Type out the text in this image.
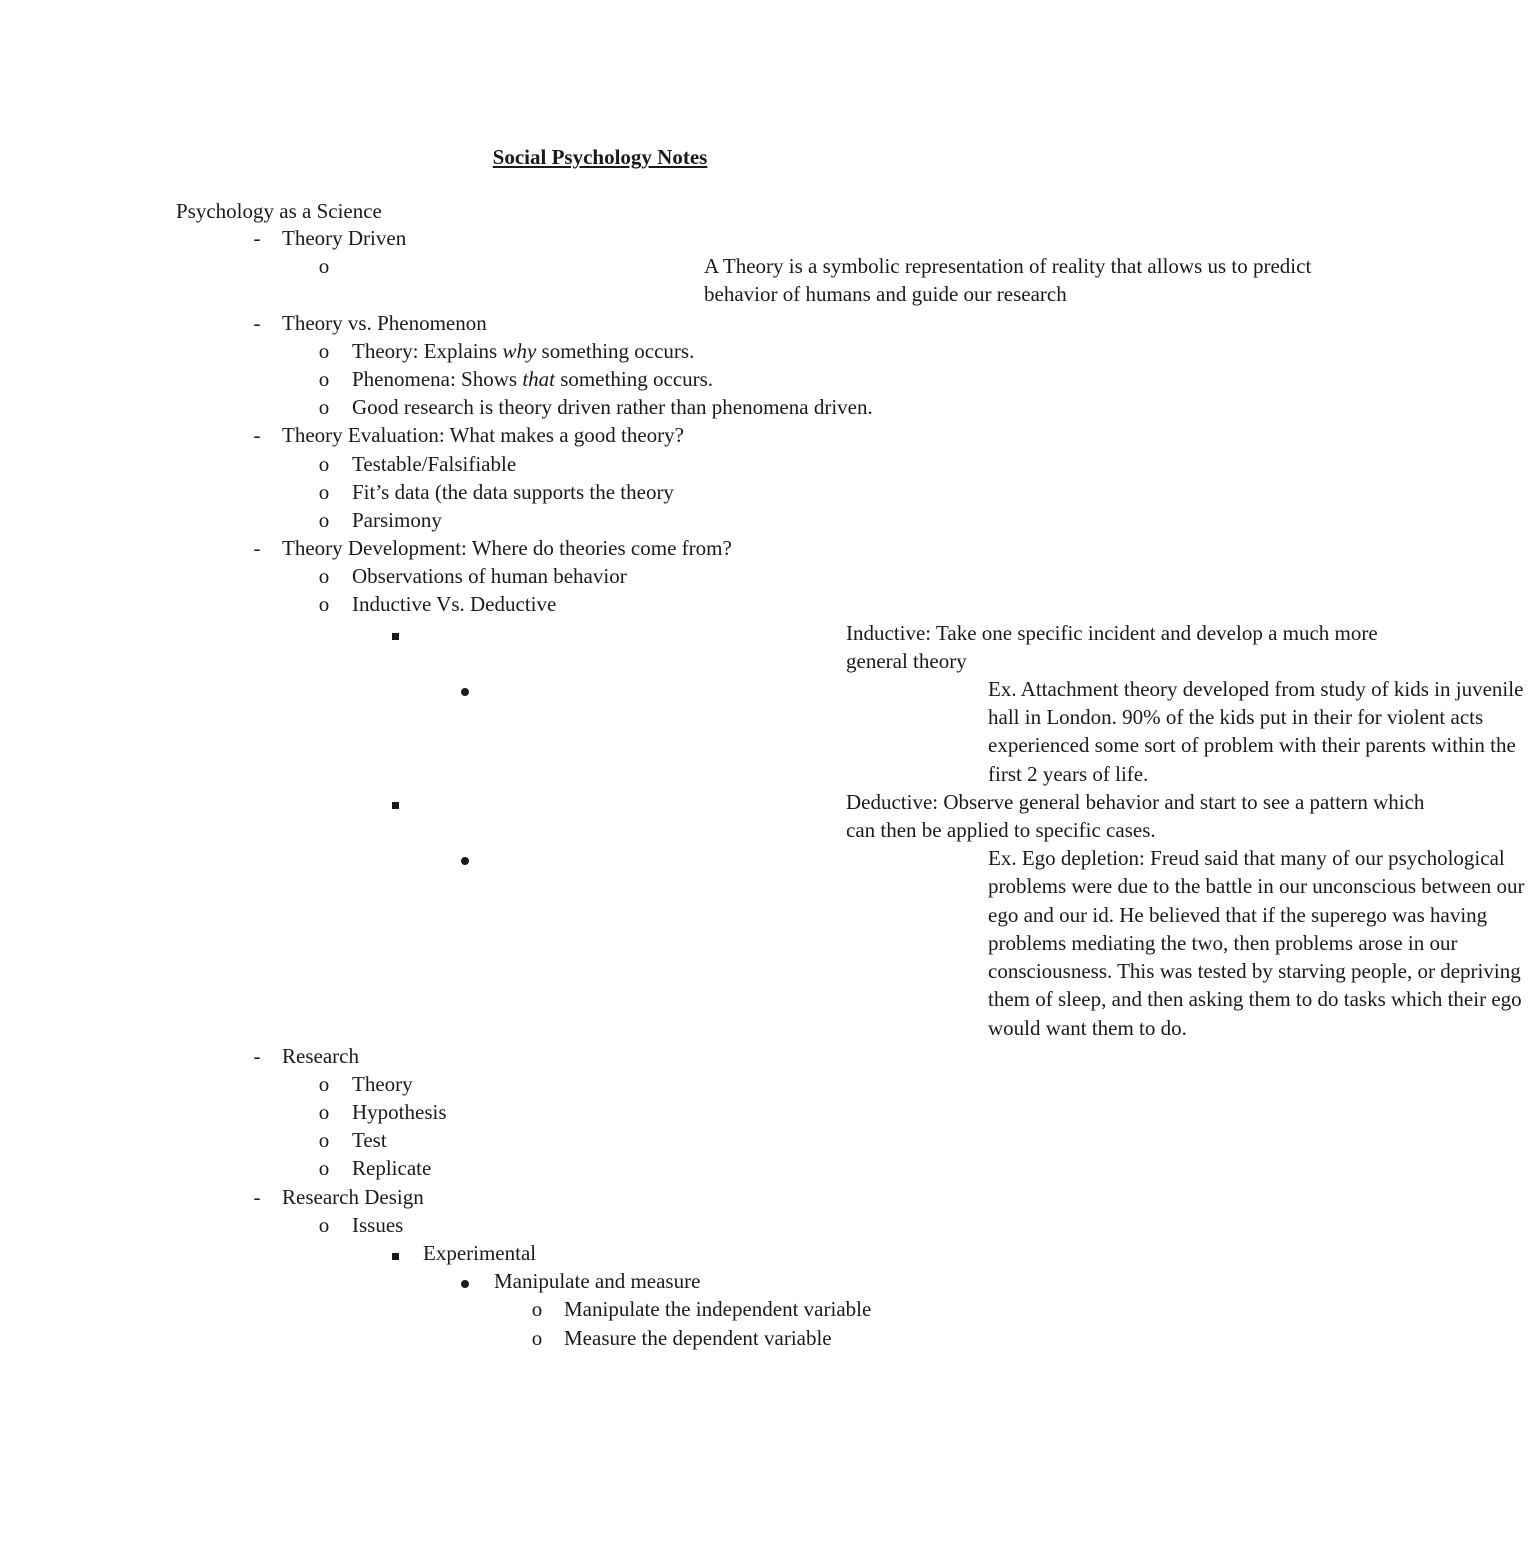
Social Psychology Notes
Psychology as a Science
-	Theory Driven
o	A Theory is a symbolic representation of reality that allows us to predict behavior of humans and guide our research
-	Theory vs. Phenomenon
o Theory: Explains why something occurs.
o Phenomena: Shows that something occurs.
o Good research is theory driven rather than phenomena driven.
-	Theory Evaluation: What makes a good theory?
o Testable/Falsifiable
o Fit’s data (the data supports the theory
o Parsimony
-	Theory Development: Where do theories come from?
o Observations of human behavior
o Inductive Vs. Deductive
Inductive: Take one specific incident and develop a much more general theory
Ex. Attachment theory developed from study of kids in juvenile hall in London. 90% of the kids put in their for violent acts experienced some sort of problem with their parents within the first 2 years of life.
Deductive: Observe general behavior and start to see a pattern which can then be applied to specific cases.
Ex. Ego depletion: Freud said that many of our psychological problems were due to the battle in our unconscious between our ego and our id. He believed that if the superego was having problems mediating the two, then problems arose in our consciousness. This was tested by starving people, or depriving them of sleep, and then asking them to do tasks which their ego would want them to do.
-	Research
o Theory
o Hypothesis
o Test
o Replicate
-	Research Design
o Issues
Experimental
Manipulate and measure
o Manipulate the independent variable
o Measure the dependent variable
